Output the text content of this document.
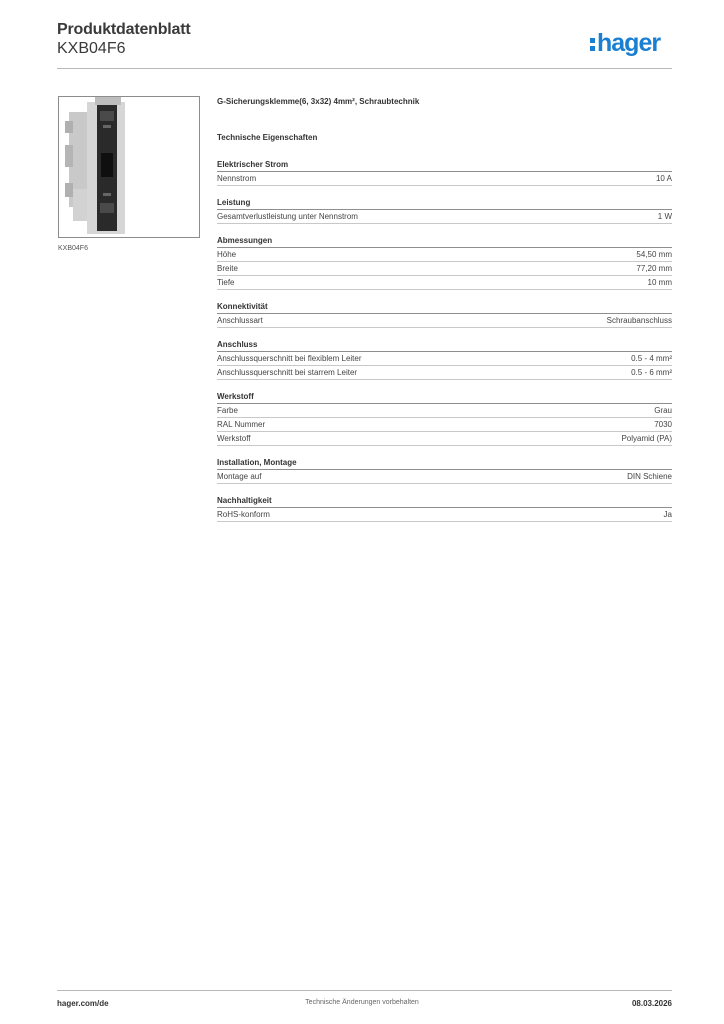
Produktdatenblatt
KXB04F6	hager
KXB04F6
G-Sicherungsklemme(6, 3x32) 4mm², Schraubtechnik
Technische Eigenschaften
Elektrischer Strom
Nennstrom	10 A
Leistung
Gesamtverlustleistung unter Nennstrom	1 W
Abmessungen
Höhe	54,50 mm
Breite	77,20 mm
Tiefe	10 mm
Konnektivität
Anschlussart	Schraubanschluss
Anschluss
Anschlussquerschnitt bei flexiblem Leiter	0.5 - 4 mm²
Anschlussquerschnitt bei starrem Leiter	0.5 - 6 mm²
Werkstoff
Farbe	Grau
RAL Nummer	7030
Werkstoff	Polyamid (PA)
Installation, Montage
Montage auf	DIN Schiene
Nachhaltigkeit
RoHS-konform	Ja
hager.com/de	Technische Änderungen vorbehalten	08.03.2026
